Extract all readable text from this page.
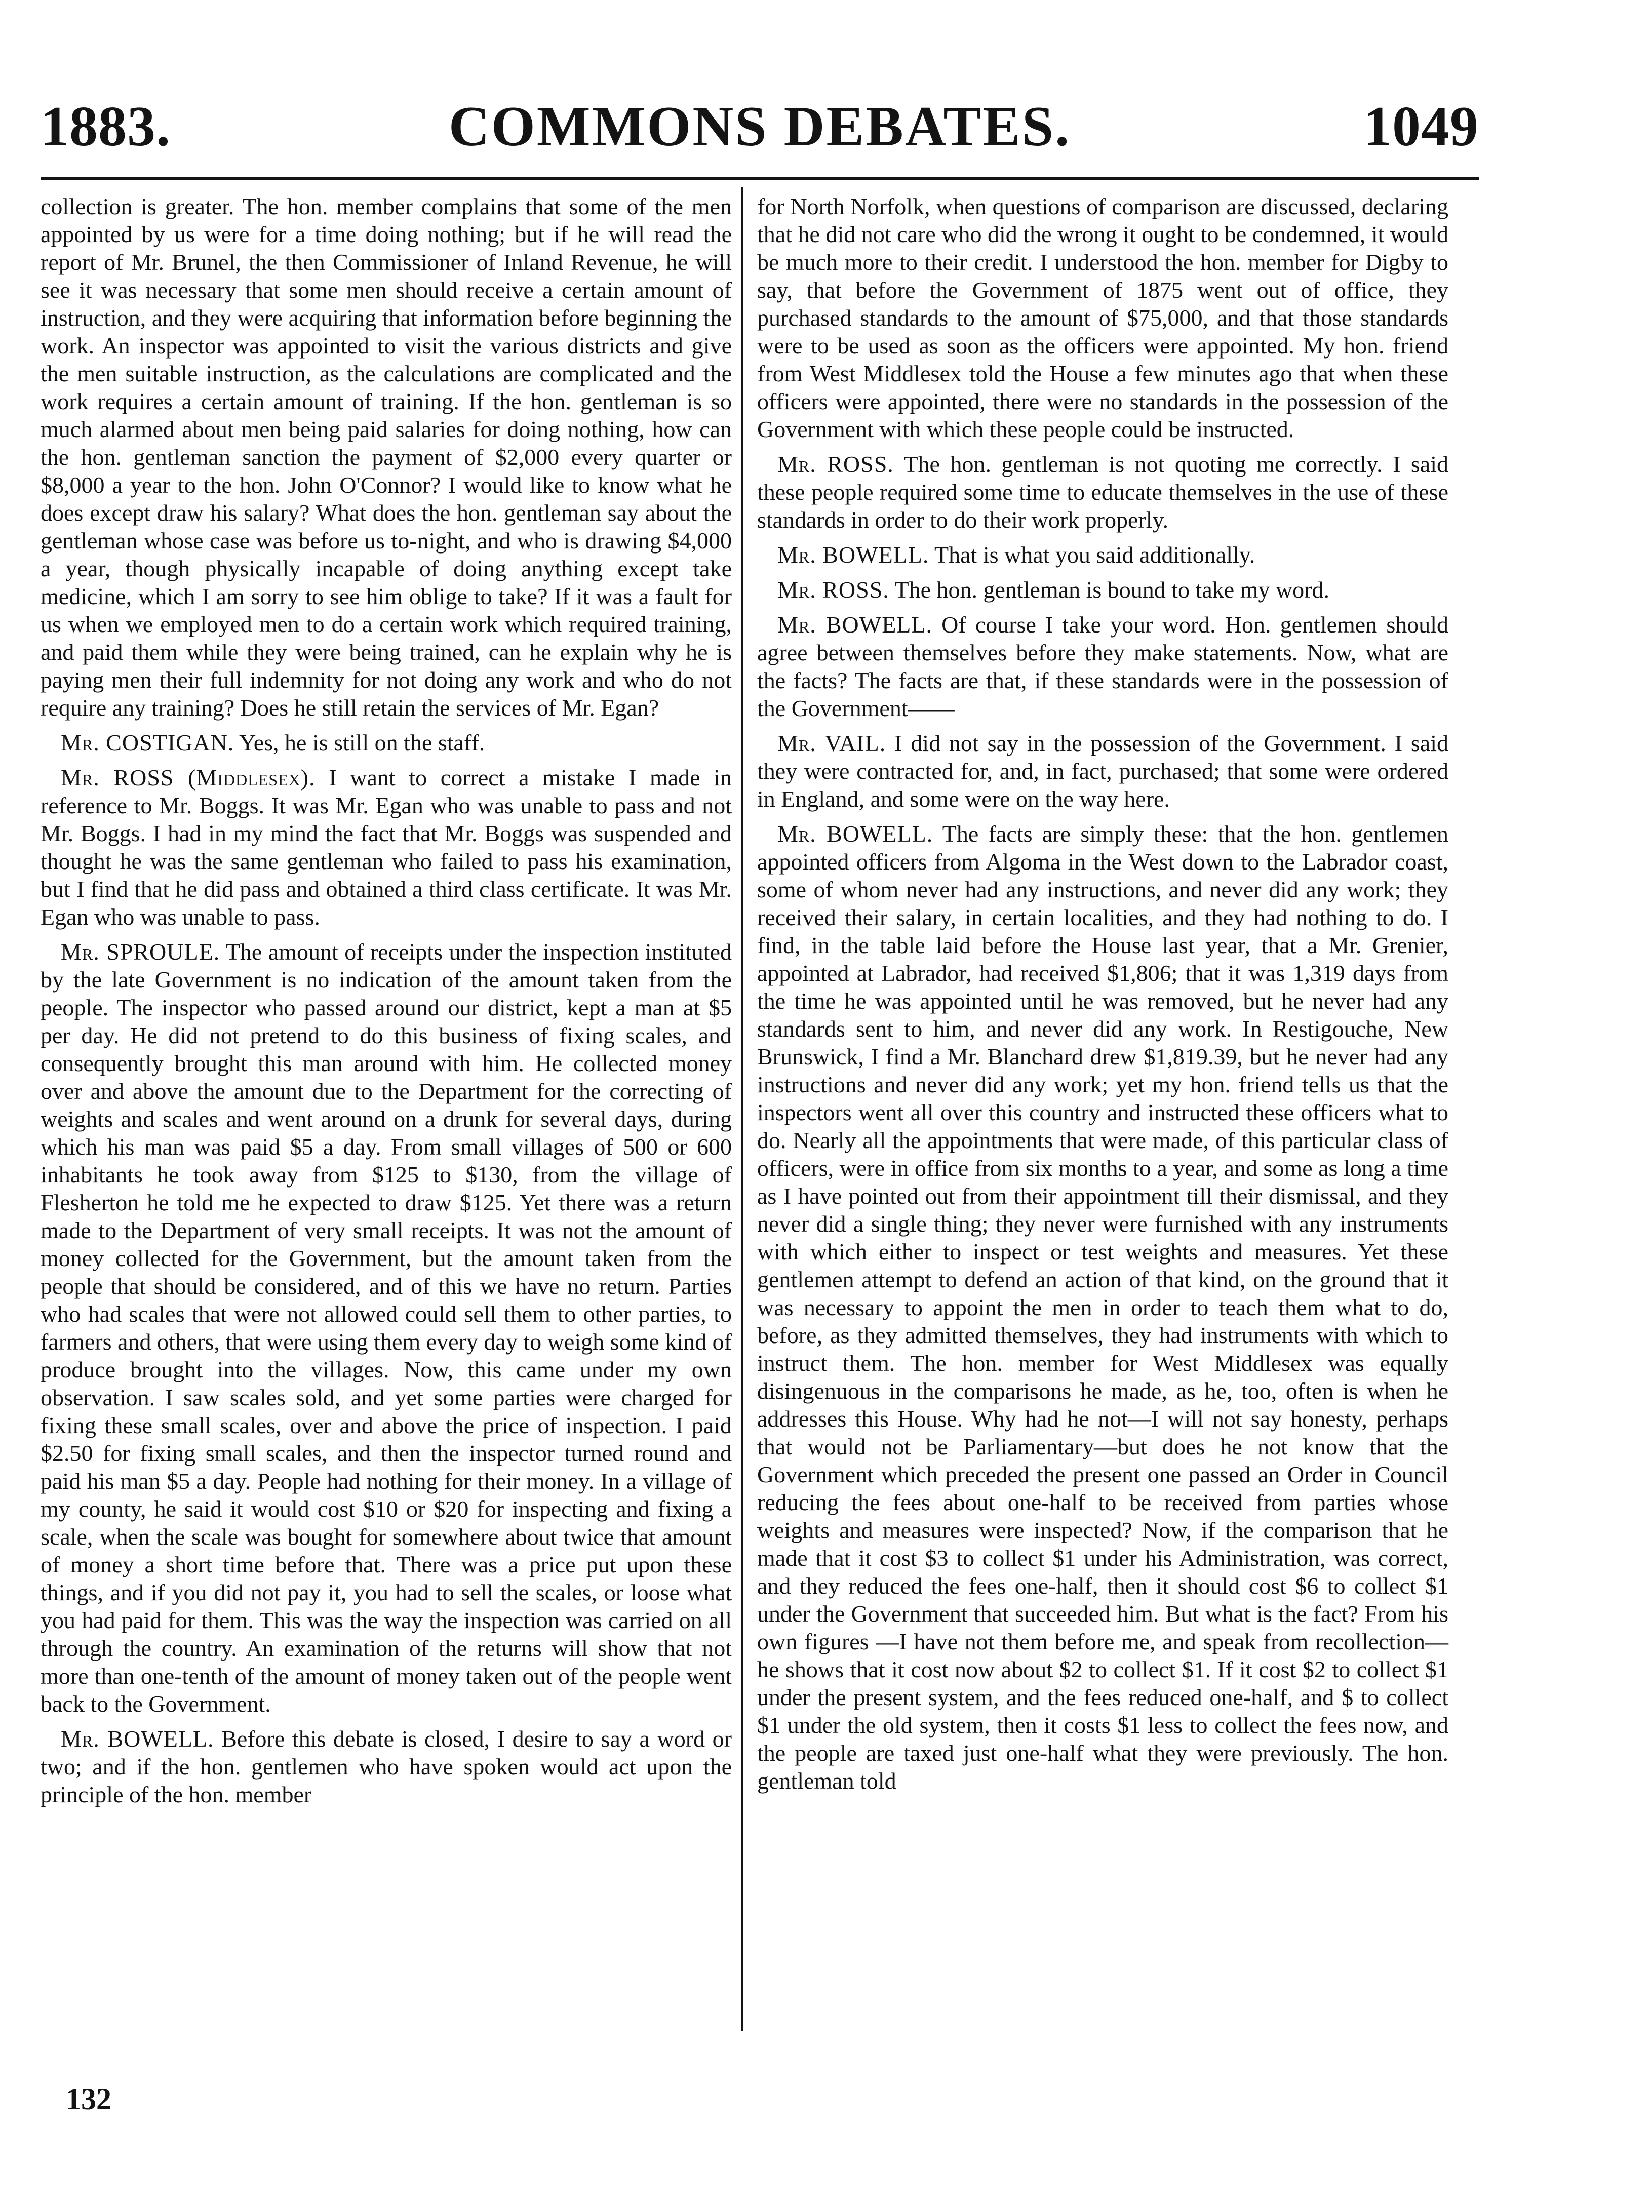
COMMONS DEBATES.
1883.	1049

collection is greater. The hon. member complains that some of the men appointed by us were for a time doing nothing; but if he will read the report of Mr. Brunel, the then Commissioner of Inland Revenue, he will see it was necessary that some men should receive a certain amount of instruction, and they were acquiring that information before beginning the work. An inspector was appointed to visit the various districts and give the men suitable instruction, as the calculations are complicated and the work requires a certain amount of training. If the hon. gentleman is so much alarmed about men being paid salaries for doing nothing, how can the hon. gentleman sanction the payment of $2,000 every quarter or $8,000 a year to the hon. John O'Connor? I would like to know what he does except draw his salary? What does the hon. gentleman say about the gentleman whose case was before us to-night, and who is drawing $4,000 a year, though physically incapable of doing anything except take medicine, which I am sorry to see him oblige to take? If it was a fault for us when we employed men to do a certain work which required training, and paid them while they were being trained, can he explain why he is paying men their full indemnity for not doing any work and who do not require any training? Does he still retain the services of Mr. Egan?

Mr. COSTIGAN. Yes, he is still on the staff.

Mr. ROSS (Middlesex). I want to correct a mistake I made in reference to Mr. Boggs. It was Mr. Egan who was unable to pass and not Mr. Boggs. I had in my mind the fact that Mr. Boggs was suspended and thought he was the same gentleman who failed to pass his examination, but I find that he did pass and obtained a third class certificate. It was Mr. Egan who was unable to pass.

Mr. SPROULE. The amount of receipts under the inspection instituted by the late Government is no indication of the amount taken from the people. The inspector who passed around our district, kept a man at $5 per day. He did not pretend to do this business of fixing scales, and consequently brought this man around with him. He collected money over and above the amount due to the Department for the correcting of weights and scales and went around on a drunk for several days, during which his man was paid $5 a day. From small villages of 500 or 600 inhabitants he took away from $125 to $130, from the village of Flesherton he told me he expected to draw $125. Yet there was a return made to the Department of very small receipts. It was not the amount of money collected for the Government, but the amount taken from the people that should be considered, and of this we have no return. Parties who had scales that were not allowed could sell them to other parties, to farmers and others, that were using them every day to weigh some kind of produce brought into the villages. Now, this came under my own observation. I saw scales sold, and yet some parties were charged for fixing these small scales, over and above the price of inspection. I paid $2.50 for fixing small scales, and then the inspector turned round and paid his man $5 a day. People had nothing for their money. In a village of my county, he said it would cost $10 or $20 for inspecting and fixing a scale, when the scale was bought for somewhere about twice that amount of money a short time before that. There was a price put upon these things, and if you did not pay it, you had to sell the scales, or loose what you had paid for them. This was the way the inspection was carried on all through the country. An examination of the returns will show that not more than one-tenth of the amount of money taken out of the people went back to the Government.

Mr. BOWELL. Before this debate is closed, I desire to say a word or two; and if the hon. gentlemen who have spoken would act upon the principle of the hon. member

for North Norfolk, when questions of comparison are discussed, declaring that he did not care who did the wrong it ought to be condemned, it would be much more to their credit. I understood the hon. member for Digby to say, that before the Government of 1875 went out of office, they purchased standards to the amount of $75,000, and that those standards were to be used as soon as the officers were appointed. My hon. friend from West Middlesex told the House a few minutes ago that when these officers were appointed, there were no standards in the possession of the Government with which these people could be instructed.

Mr. ROSS. The hon. gentleman is not quoting me correctly. I said these people required some time to educate themselves in the use of these standards in order to do their work properly.

Mr. BOWELL. That is what you said additionally.

Mr. ROSS. The hon. gentleman is bound to take my word.

Mr. BOWELL. Of course I take your word. Hon. gentlemen should agree between themselves before they make statements. Now, what are the facts? The facts are that, if these standards were in the possession of the Government——

Mr. VAIL. I did not say in the possession of the Government. I said they were contracted for, and, in fact, purchased; that some were ordered in England, and some were on the way here.

Mr. BOWELL. The facts are simply these: that the hon. gentlemen appointed officers from Algoma in the West down to the Labrador coast, some of whom never had any instructions, and never did any work; they received their salary, in certain localities, and they had nothing to do. I find, in the table laid before the House last year, that a Mr. Grenier, appointed at Labrador, had received $1,806; that it was 1,319 days from the time he was appointed until he was removed, but he never had any standards sent to him, and never did any work. In Restigouche, New Brunswick, I find a Mr. Blanchard drew $1,819.39, but he never had any instructions and never did any work; yet my hon. friend tells us that the inspectors went all over this country and instructed these officers what to do. Nearly all the appointments that were made, of this particular class of officers, were in office from six months to a year, and some as long a time as I have pointed out from their appointment till their dismissal, and they never did a single thing; they never were furnished with any instruments with which either to inspect or test weights and measures. Yet these gentlemen attempt to defend an action of that kind, on the ground that it was necessary to appoint the men in order to teach them what to do, before, as they admitted themselves, they had instruments with which to instruct them. The hon. member for West Middlesex was equally disingenuous in the comparisons he made, as he, too, often is when he addresses this House. Why had he not—I will not say honesty, perhaps that would not be Parliamentary—but does he not know that the Government which preceded the present one passed an Order in Council reducing the fees about one-half to be received from parties whose weights and measures were inspected? Now, if the comparison that he made that it cost $3 to collect $1 under his Administration, was correct, and they reduced the fees one-half, then it should cost $6 to collect $1 under the Government that succeeded him. But what is the fact? From his own figures —I have not them before me, and speak from recollection—he shows that it cost now about $2 to collect $1. If it cost $2 to collect $1 under the present system, and the fees reduced one-half, and $ to collect $1 under the old system, then it costs $1 less to collect the fees now, and the people are taxed just one-half what they were previously. The hon. gentleman told

132
